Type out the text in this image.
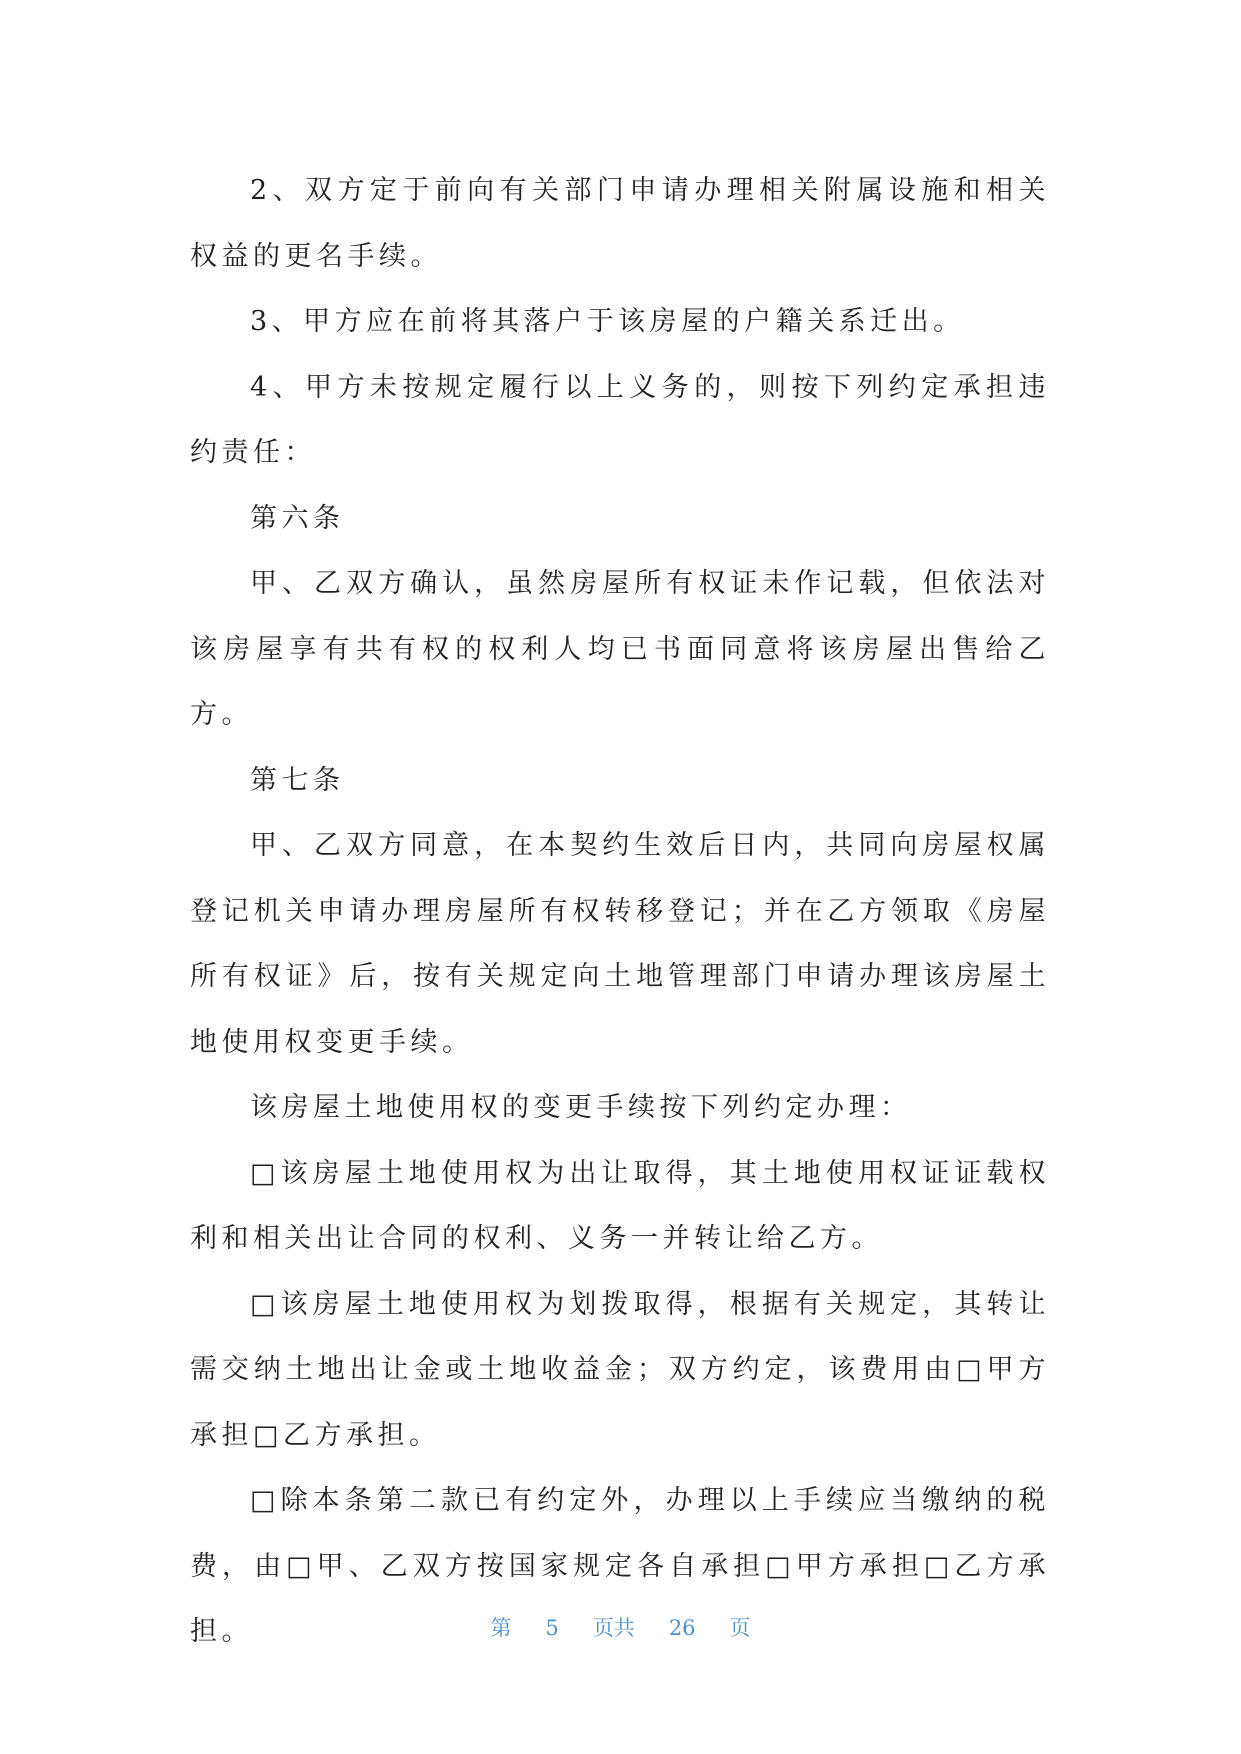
2、双方定于前向有关部门申请办理相关附属设施和相关权益的更名手续。

3、甲方应在前将其落户于该房屋的户籍关系迁出。

4、甲方未按规定履行以上义务的，则按下列约定承担违约责任：

第六条

甲、乙双方确认，虽然房屋所有权证未作记载，但依法对该房屋享有共有权的权利人均已书面同意将该房屋出售给乙方。

第七条

甲、乙双方同意，在本契约生效后日内，共同向房屋权属登记机关申请办理房屋所有权转移登记；并在乙方领取《房屋所有权证》后，按有关规定向土地管理部门申请办理该房屋土地使用权变更手续。

该房屋土地使用权的变更手续按下列约定办理：

□该房屋土地使用权为出让取得，其土地使用权证证载权利和相关出让合同的权利、义务一并转让给乙方。

□该房屋土地使用权为划拨取得，根据有关规定，其转让需交纳土地出让金或土地收益金；双方约定，该费用由□甲方承担□乙方承担。

□除本条第二款已有约定外，办理以上手续应当缴纳的税费，由□甲、乙双方按国家规定各自承担□甲方承担□乙方承担。	第 5 页共 26 页
